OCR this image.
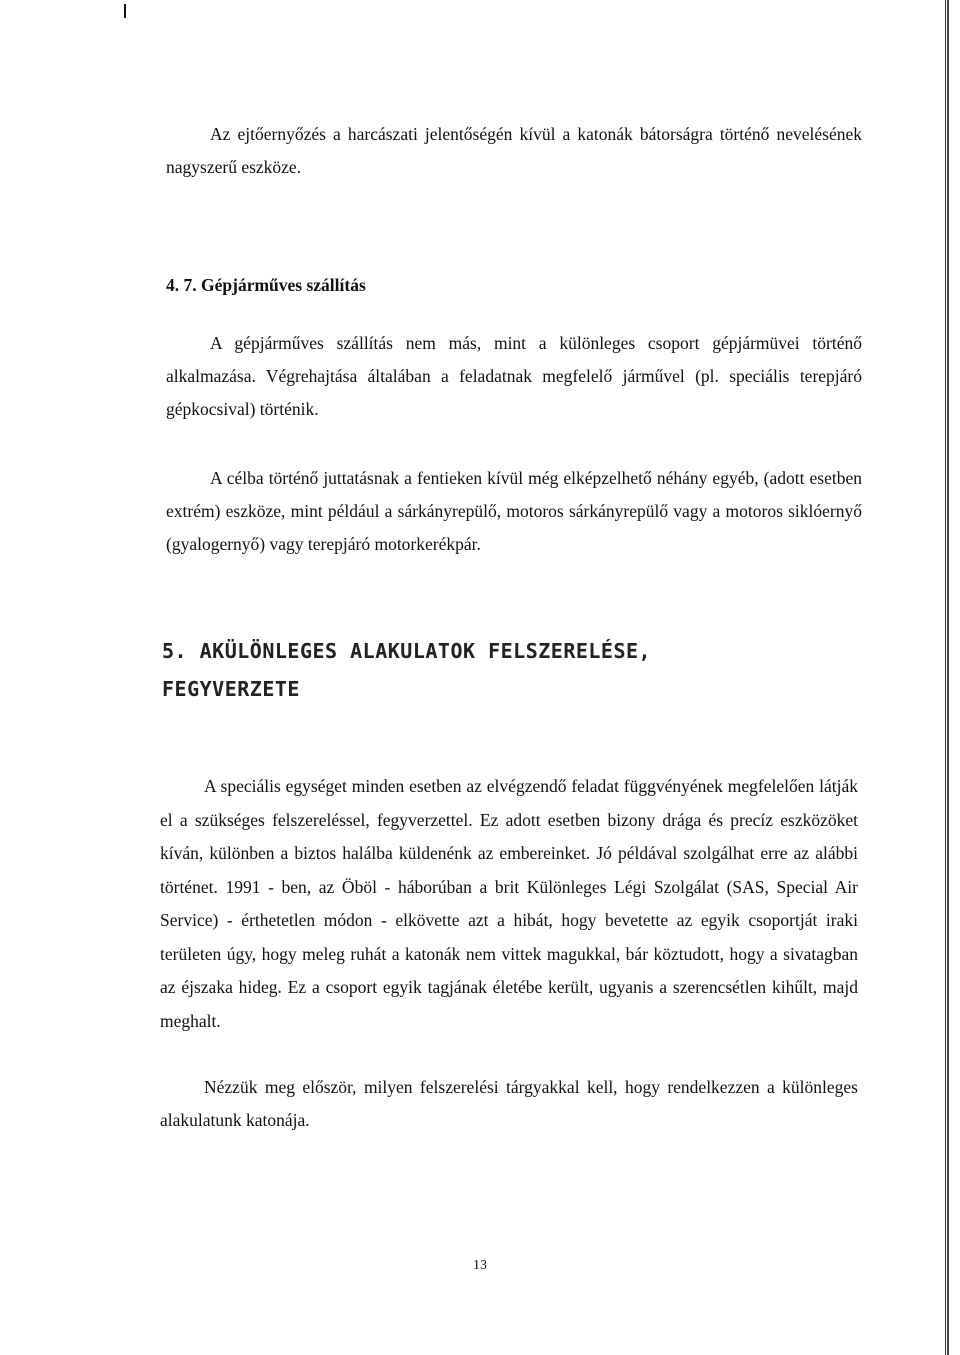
Az ejtőernyőzés a harcászati jelentőségén kívül a katonák bátorságra történő nevelésének nagyszerű eszköze.

4. 7. Gépjárműves szállítás

A gépjárműves szállítás nem más, mint a különleges csoport gépjármüvei történő alkalmazása. Végrehajtása általában a feladatnak megfelelő járművel (pl. speciális terepjáró gépkocsival) történik.

A célba történő juttatásnak a fentieken kívül még elképzelhető néhány egyéb, (adott esetben extrém) eszköze, mint például a sárkányrepülő, motoros sárkányrepülő vagy a motoros siklóernyő (gyalogernyő) vagy terepjáró motorkerékpár.

5. AKÜLÖNLEGES ALAKULATOK FELSZERELÉSE,
FEGYVERZETE

A speciális egységet minden esetben az elvégzendő feladat függvényének megfelelően látják el a szükséges felszereléssel, fegyverzettel. Ez adott esetben bizony drága és precíz eszközöket kíván, különben a biztos halálba küldenénk az embereinket. Jó példával szolgálhat erre az alábbi történet. 1991 - ben, az Öböl - háborúban a brit Különleges Légi Szolgálat (SAS, Special Air Service) - érthetetlen módon - elkövette azt a hibát, hogy bevetette az egyik csoportját iraki területen úgy, hogy meleg ruhát a katonák nem vittek magukkal, bár köztudott, hogy a sivatagban az éjszaka hideg. Ez a csoport egyik tagjának életébe került, ugyanis a szerencsétlen kihűlt, majd meghalt.

Nézzük meg először, milyen felszerelési tárgyakkal kell, hogy rendelkezzen a különleges alakulatunk katonája.

13
